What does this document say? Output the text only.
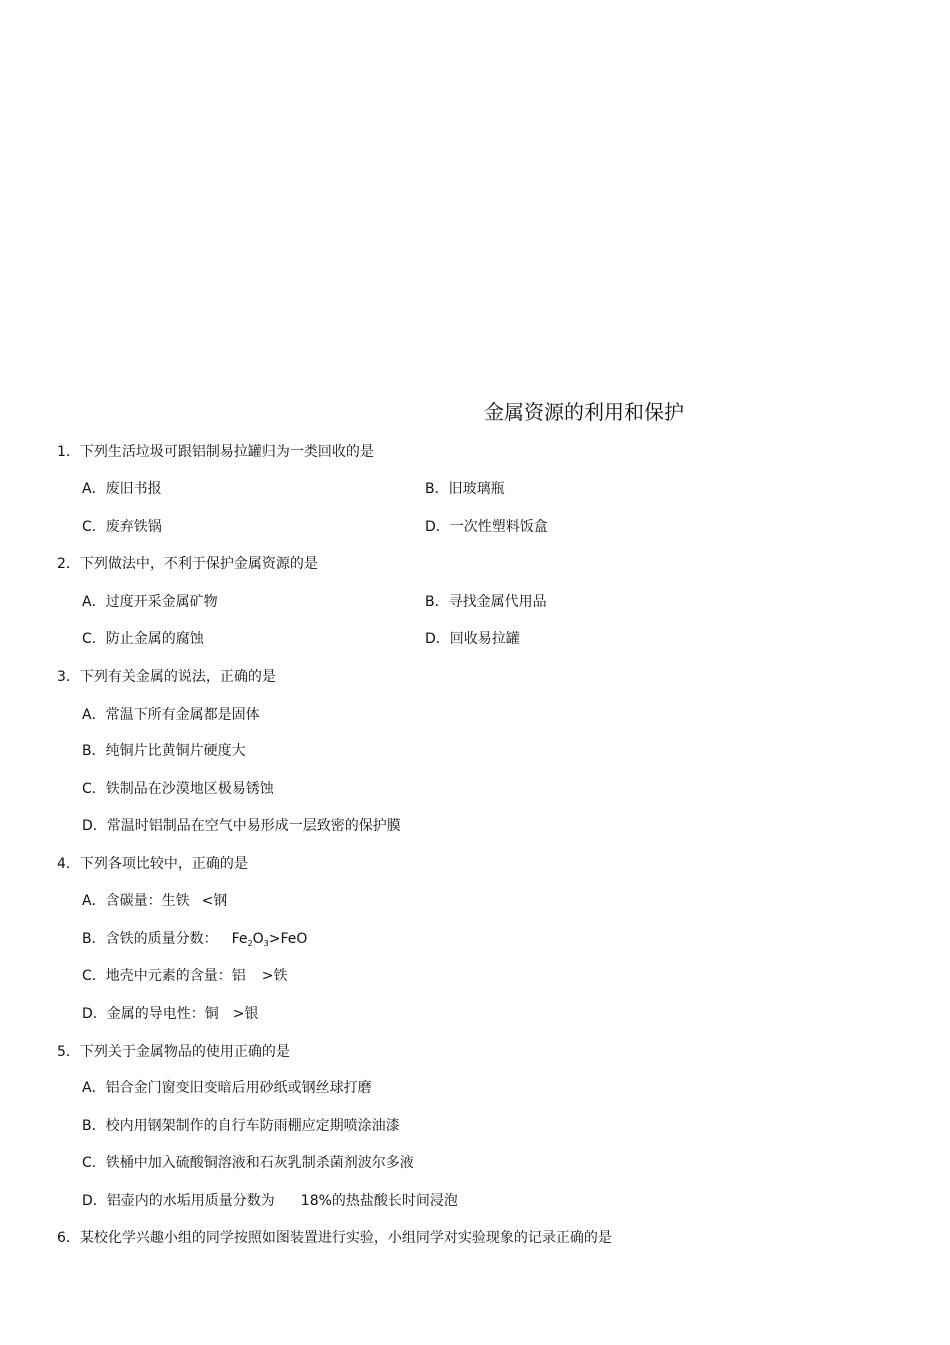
金属资源的利用和保护
1．下列生活垃圾可跟铝制易拉罐归为一类回收的是
A．废旧书报	B．旧玻璃瓶
C．废弃铁锅	D．一次性塑料饭盒
2．下列做法中，不利于保护金属资源的是
A．过度开采金属矿物	B．寻找金属代用品
C．防止金属的腐蚀	D．回收易拉罐
3．下列有关金属的说法，正确的是
A．常温下所有金属都是固体
B．纯铜片比黄铜片硬度大
C．铁制品在沙漠地区极易锈蚀
D．常温时铝制品在空气中易形成一层致密的保护膜
4．下列各项比较中，正确的是
A．含碳量：生铁 <钢
B．含铁的质量分数： $Fe_2O_3>FeO$
C．地壳中元素的含量：铝 >铁
D．金属的导电性：铜 >银
5．下列关于金属物品的使用正确的是
A．铝合金门窗变旧变暗后用砂纸或钢丝球打磨
B．校内用钢架制作的自行车防雨棚应定期喷涂油漆
C．铁桶中加入硫酸铜溶液和石灰乳制杀菌剂波尔多液
D．铝壶内的水垢用质量分数为 18%的热盐酸长时间浸泡
6．某校化学兴趣小组的同学按照如图装置进行实验，小组同学对实验现象的记录正确的是
